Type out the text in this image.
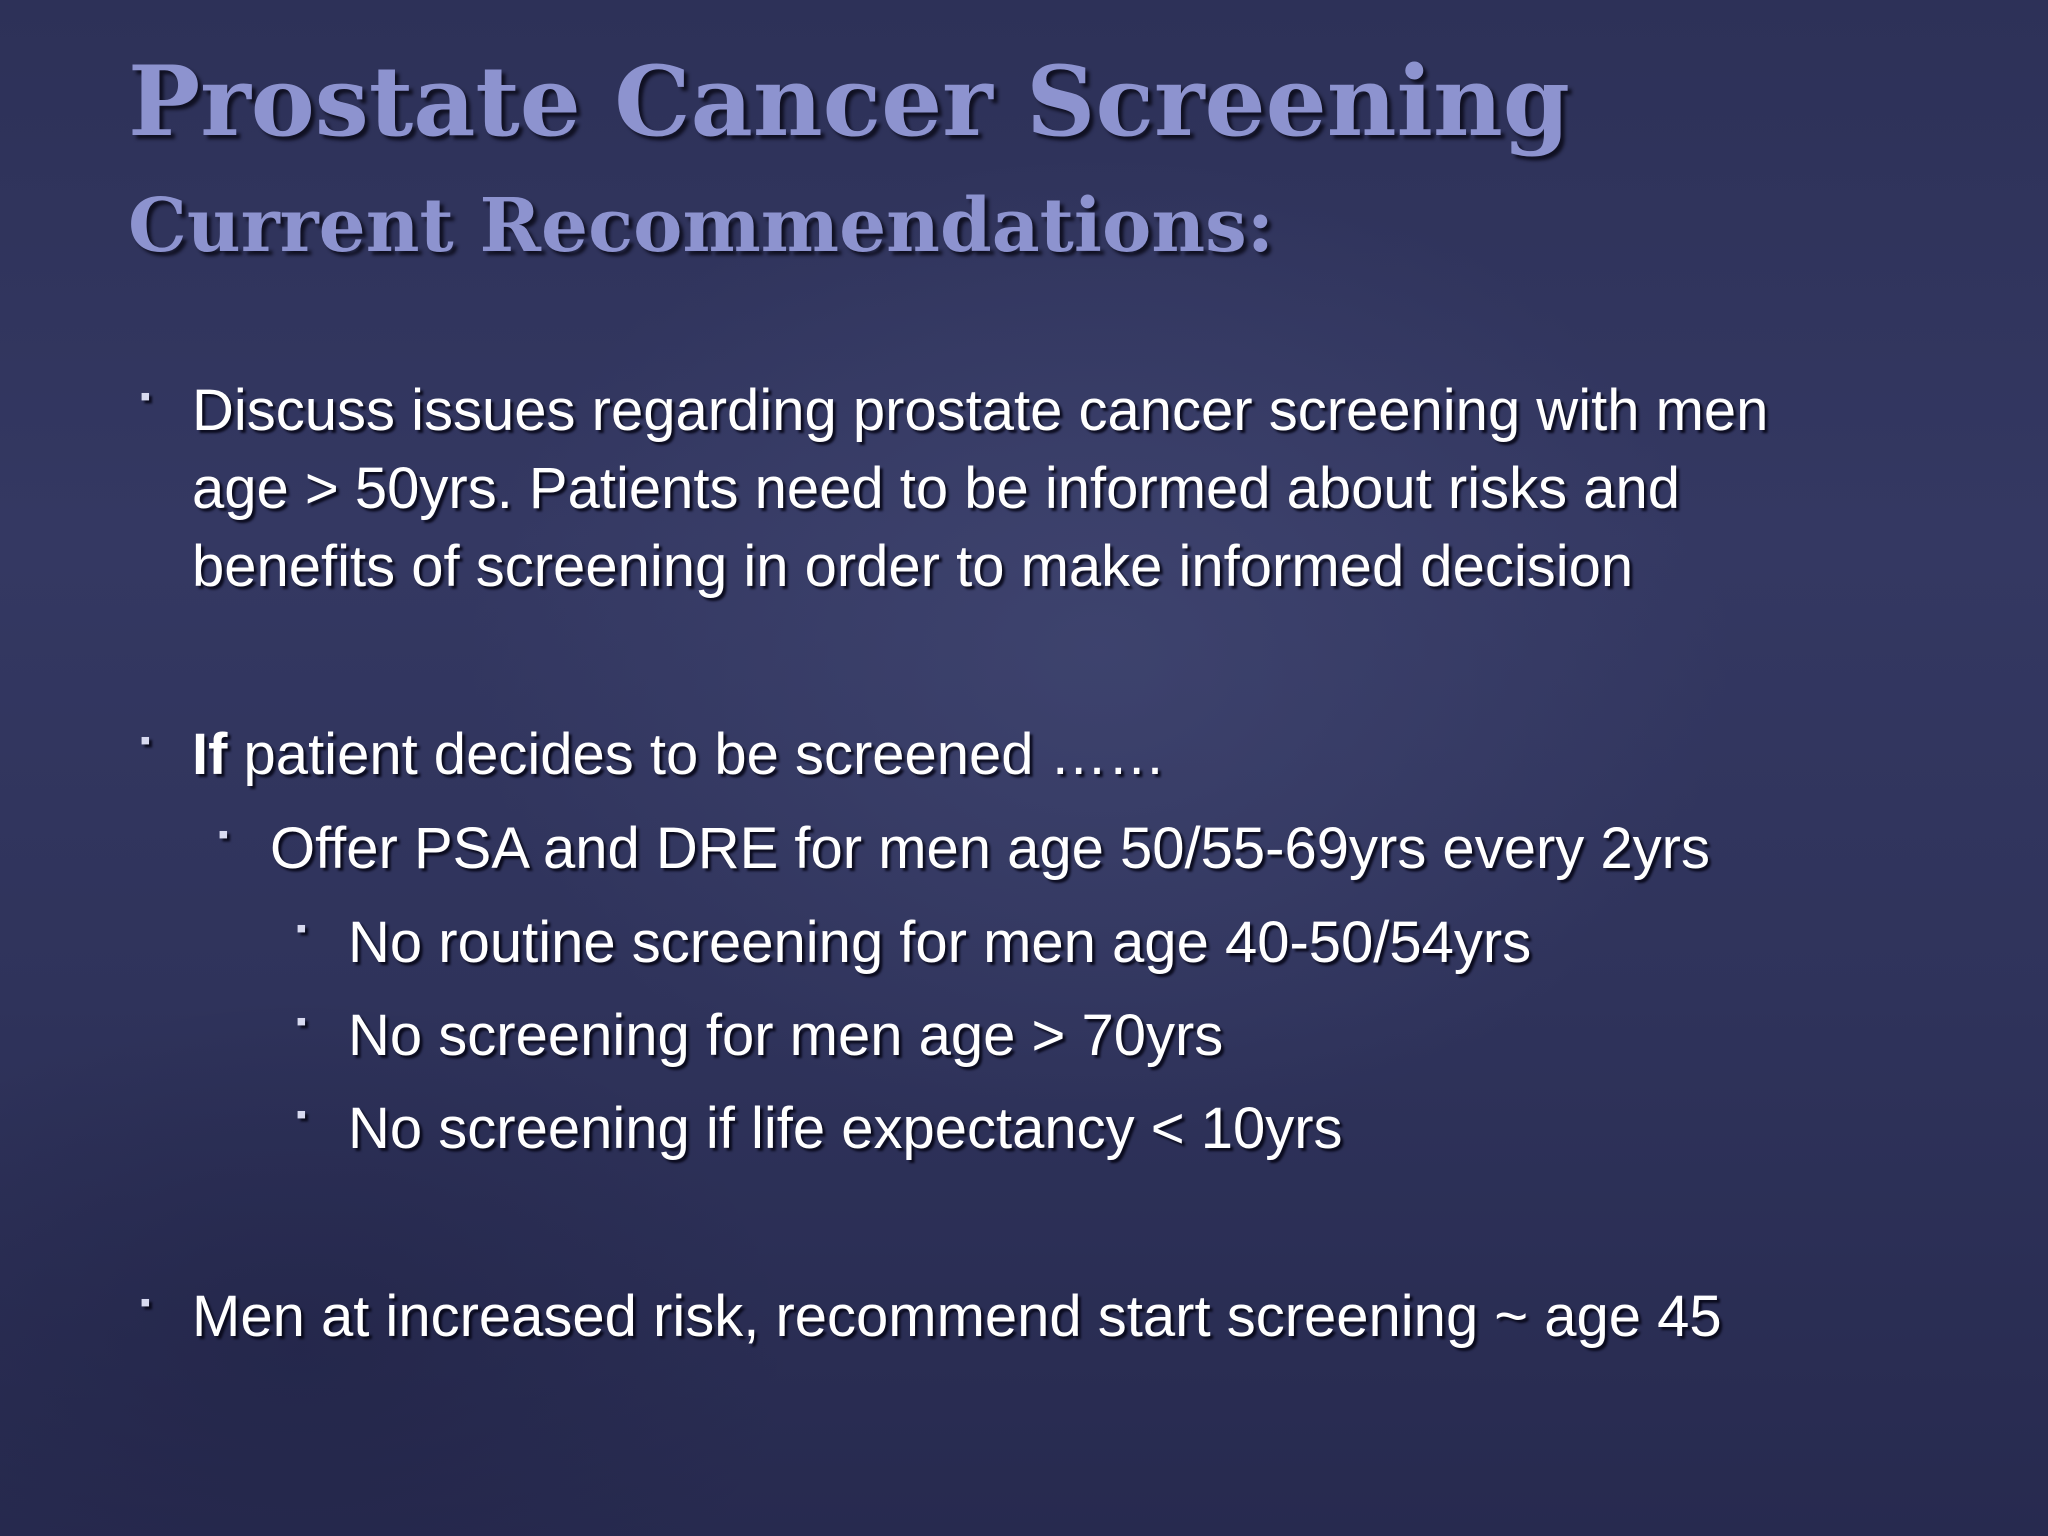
Prostate Cancer Screening
Current Recommendations:
▪ Discuss issues regarding prostate cancer screening with men
age > 50yrs. Patients need to be informed about risks and
benefits of screening in order to make informed decision
▪ If patient decides to be screened ……
▪ Offer PSA and DRE for men age 50/55-69yrs every 2yrs
▪ No routine screening for men age 40-50/54yrs
▪ No screening for men age > 70yrs
▪ No screening if life expectancy < 10yrs
▪ Men at increased risk, recommend start screening ~ age 45
